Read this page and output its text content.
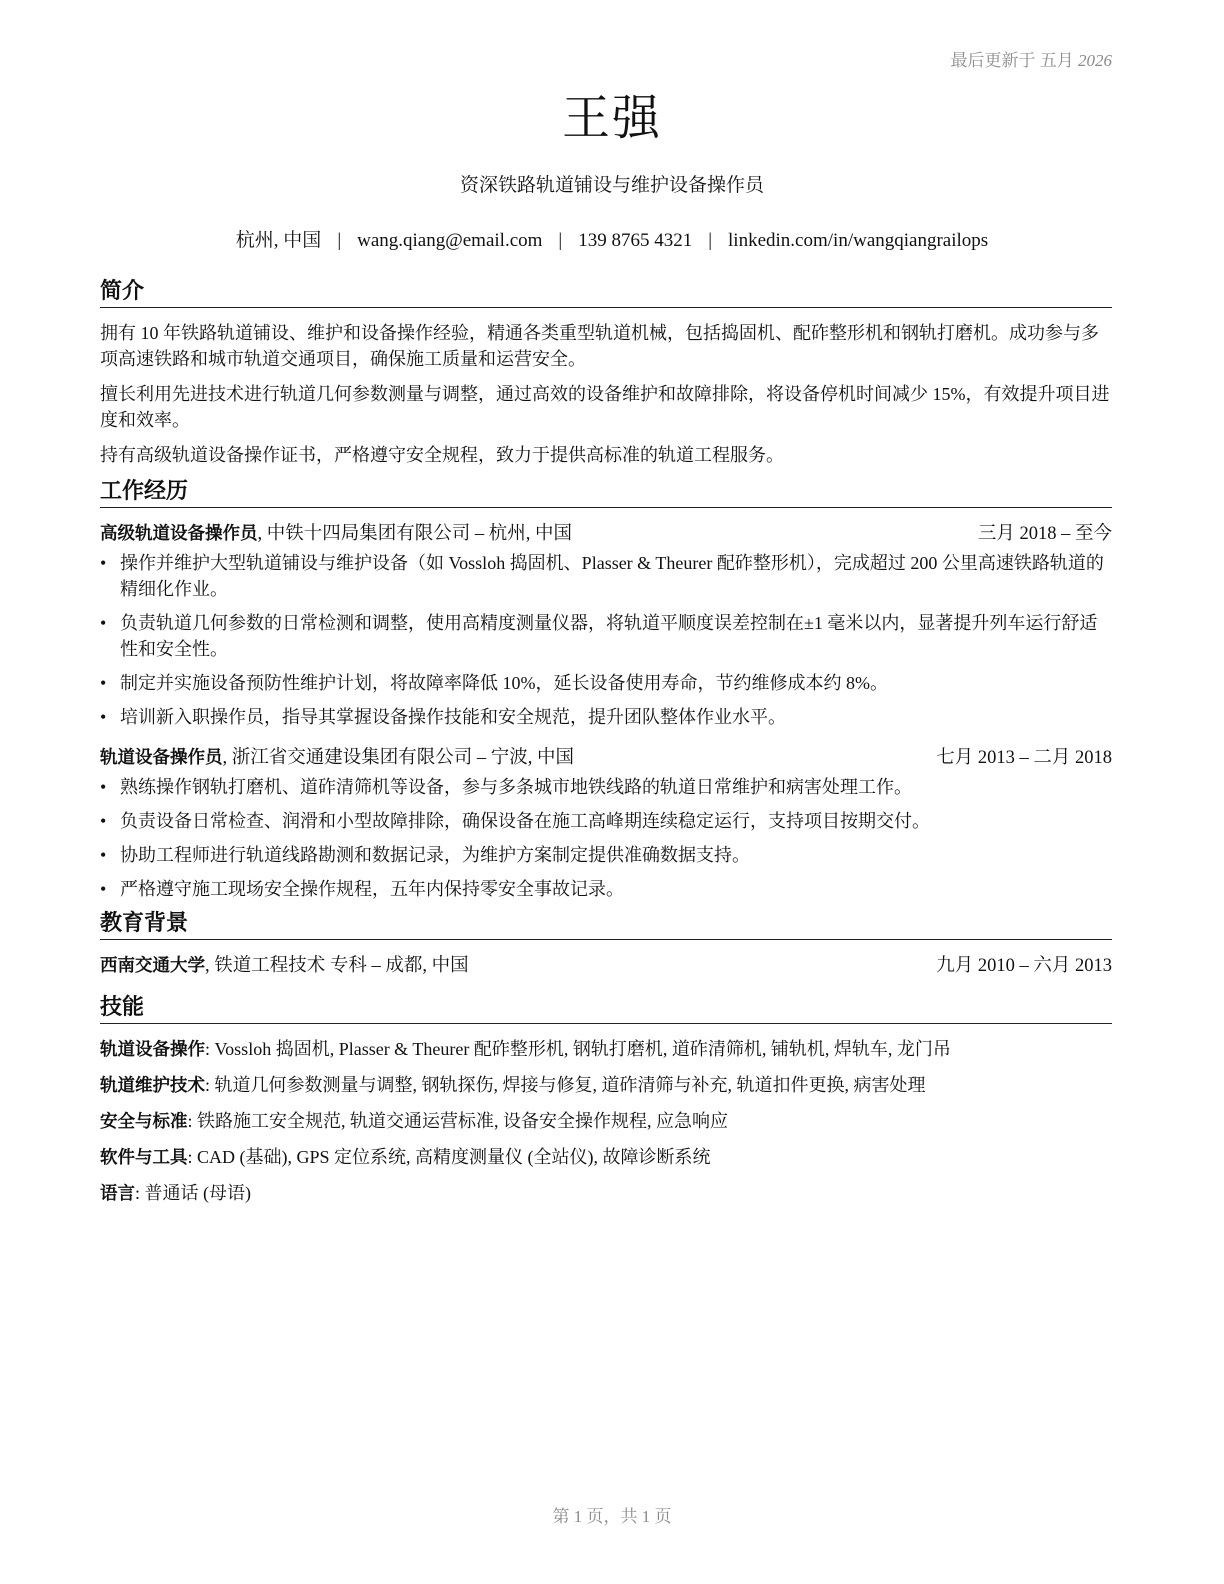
最后更新于 五月 2026
王强
资深铁路轨道铺设与维护设备操作员
杭州, 中国 | wang.qiang@email.com | 139 8765 4321 | linkedin.com/in/wangqiangrailops
简介

拥有 10 年铁路轨道铺设、维护和设备操作经验，精通各类重型轨道机械，包括捣固机、配砟整形机和钢轨打磨机。成功参与多项高速铁路和城市轨道交通项目，确保施工质量和运营安全。

擅长利用先进技术进行轨道几何参数测量与调整，通过高效的设备维护和故障排除，将设备停机时间减少 15%，有效提升项目进度和效率。

持有高级轨道设备操作证书，严格遵守安全规程，致力于提供高标准的轨道工程服务。

工作经历
高级轨道设备操作员, 中铁十四局集团有限公司 – 杭州, 中国	三月 2018 – 至今
• 操作并维护大型轨道铺设与维护设备（如 Vossloh 捣固机、Plasser & Theurer 配砟整形机），完成超过 200 公里高速铁路轨道的精细化作业。
• 负责轨道几何参数的日常检测和调整，使用高精度测量仪器，将轨道平顺度误差控制在±1 毫米以内，显著提升列车运行舒适性和安全性。
• 制定并实施设备预防性维护计划，将故障率降低 10%，延长设备使用寿命，节约维修成本约 8%。
• 培训新入职操作员，指导其掌握设备操作技能和安全规范，提升团队整体作业水平。
轨道设备操作员, 浙江省交通建设集团有限公司 – 宁波, 中国	七月 2013 – 二月 2018
• 熟练操作钢轨打磨机、道砟清筛机等设备，参与多条城市地铁线路的轨道日常维护和病害处理工作。
• 负责设备日常检查、润滑和小型故障排除，确保设备在施工高峰期连续稳定运行，支持项目按期交付。
• 协助工程师进行轨道线路勘测和数据记录，为维护方案制定提供准确数据支持。
• 严格遵守施工现场安全操作规程，五年内保持零安全事故记录。
教育背景
西南交通大学, 铁道工程技术 专科 – 成都, 中国	九月 2010 – 六月 2013
技能
轨道设备操作: Vossloh 捣固机, Plasser & Theurer 配砟整形机, 钢轨打磨机, 道砟清筛机, 铺轨机, 焊轨车, 龙门吊
轨道维护技术: 轨道几何参数测量与调整, 钢轨探伤, 焊接与修复, 道砟清筛与补充, 轨道扣件更换, 病害处理
安全与标准: 铁路施工安全规范, 轨道交通运营标准, 设备安全操作规程, 应急响应
软件与工具: CAD (基础), GPS 定位系统, 高精度测量仪 (全站仪), 故障诊断系统
语言: 普通话 (母语)
第 1 页，共 1 页
